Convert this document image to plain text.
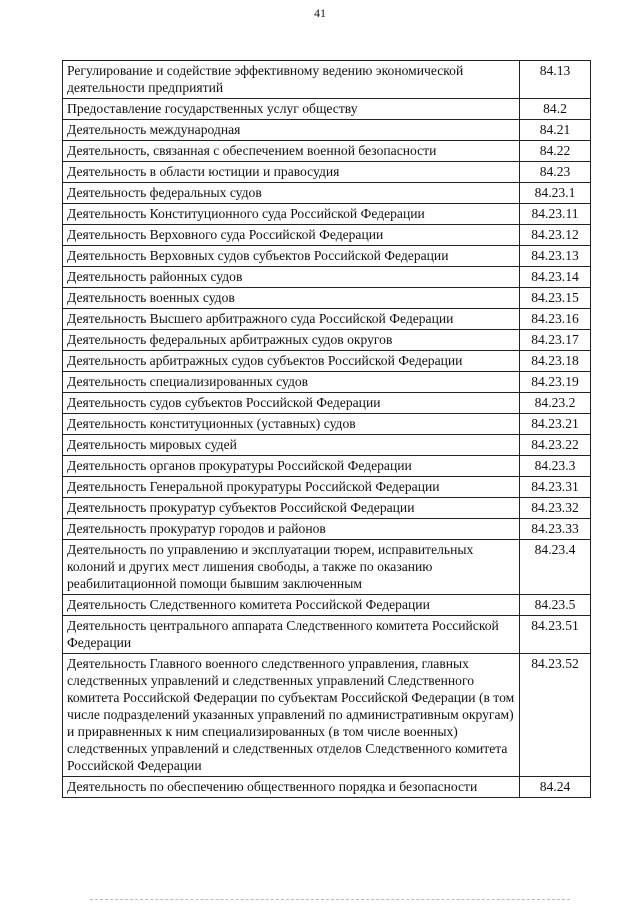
41
Регулирование и содействие эффективному ведению экономической деятельности предприятий	84.13
Предоставление государственных услуг обществу	84.2
Деятельность международная	84.21
Деятельность, связанная с обеспечением военной безопасности	84.22
Деятельность в области юстиции и правосудия	84.23
Деятельность федеральных судов	84.23.1
Деятельность Конституционного суда Российской Федерации	84.23.11
Деятельность Верховного суда Российской Федерации	84.23.12
Деятельность Верховных судов субъектов Российской Федерации	84.23.13
Деятельность районных судов	84.23.14
Деятельность военных судов	84.23.15
Деятельность Высшего арбитражного суда Российской Федерации	84.23.16
Деятельность федеральных арбитражных судов округов	84.23.17
Деятельность арбитражных судов субъектов Российской Федерации	84.23.18
Деятельность специализированных судов	84.23.19
Деятельность судов субъектов Российской Федерации	84.23.2
Деятельность конституционных (уставных) судов	84.23.21
Деятельность мировых судей	84.23.22
Деятельность органов прокуратуры Российской Федерации	84.23.3
Деятельность Генеральной прокуратуры Российской Федерации	84.23.31
Деятельность прокуратур субъектов Российской Федерации	84.23.32
Деятельность прокуратур городов и районов	84.23.33
Деятельность по управлению и эксплуатации тюрем, исправительных колоний и других мест лишения свободы, а также по оказанию реабилитационной помощи бывшим заключенным	84.23.4
Деятельность Следственного комитета Российской Федерации	84.23.5
Деятельность центрального аппарата Следственного комитета Российской Федерации	84.23.51
Деятельность Главного военного следственного управления, главных следственных управлений и следственных управлений Следственного комитета Российской Федерации по субъектам Российской Федерации (в том числе подразделений указанных управлений по административным округам) и приравненных к ним специализированных (в том числе военных) следственных управлений и следственных отделов Следственного комитета Российской Федерации	84.23.52
Деятельность по обеспечению общественного порядка и безопасности	84.24
